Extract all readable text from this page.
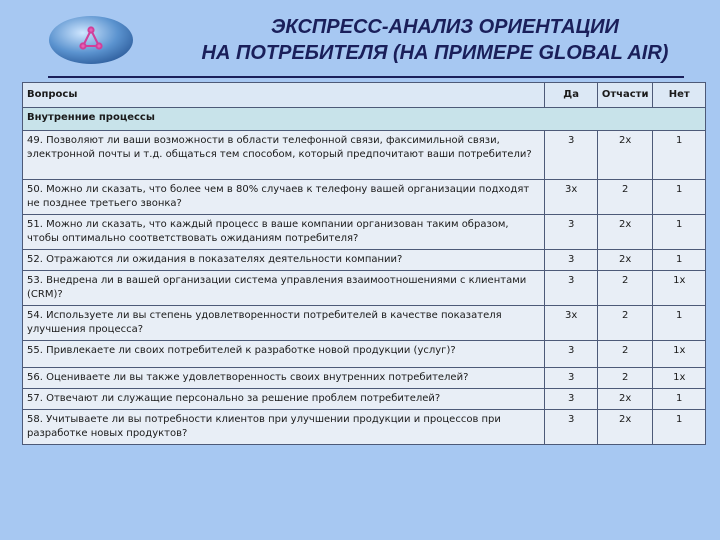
ЭКСПРЕСС-АНАЛИЗ ОРИЕНТАЦИИ
НА ПОТРЕБИТЕЛЯ (НА ПРИМЕРЕ GLOBAL AIR)
Вопросы	Да	Отчасти	Нет
Внутренние процессы			
49. Позволяют ли ваши возможности в области телефонной связи, факсимильной связи, электронной почты и т.д. общаться тем способом, который предпочитают ваши потребители?	3	2х	1
50. Можно ли сказать, что более чем в 80% случаев к телефону вашей организации подходят не позднее третьего звонка?	3х	2	1
51. Можно ли сказать, что каждый процесс в ваше компании организован таким образом, чтобы оптимально соответствовать ожиданиям потребителя?	3	2х	1
52. Отражаются ли ожидания в показателях деятельности компании?	3	2х	1
53. Внедрена ли в вашей организации система управления взаимоотношениями с клиентами (CRM)?	3	2	1х
54. Используете ли вы степень удовлетворенности потребителей в качестве показателя улучшения процесса?	3х	2	1
55. Привлекаете ли своих потребителей к разработке новой продукции (услуг)?	3	2	1х
56. Оцениваете ли вы также удовлетворенность своих внутренних потребителей?	3	2	1х
57. Отвечают ли служащие персонально за решение проблем потребителей?	3	2х	1
58. Учитываете ли вы потребности клиентов при улучшении продукции и процессов при разработке новых продуктов?	3	2х	1
